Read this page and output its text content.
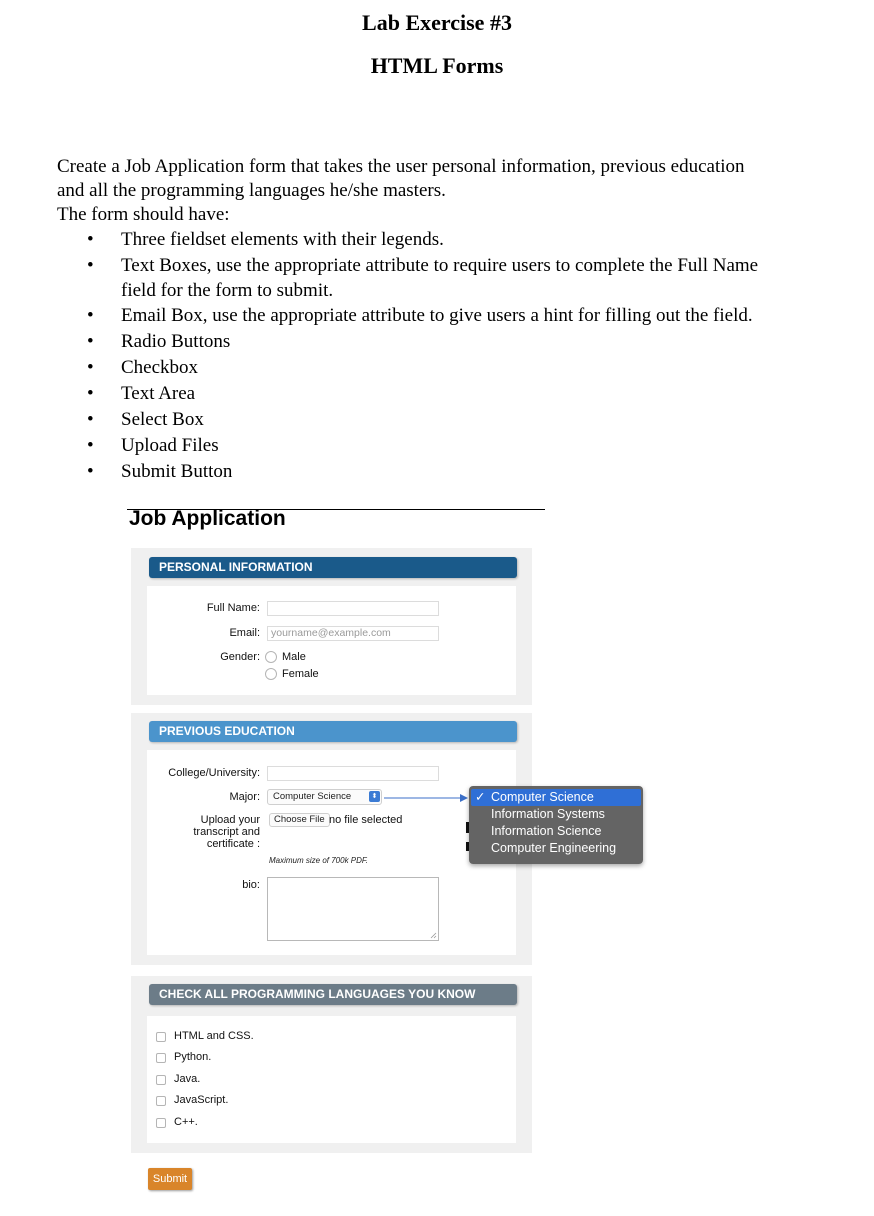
Lab Exercise #3
HTML Forms
Create a Job Application form that takes the user personal information, previous education
and all the programming languages he/she masters.
The form should have:
• Three fieldset elements with their legends.
• Text Boxes, use the appropriate attribute to require users to complete the Full Name
field for the form to submit.
• Email Box, use the appropriate attribute to give users a hint for filling out the field.
• Radio Buttons
• Checkbox
• Text Area
• Select Box
• Upload Files
• Submit Button
Job Application
PERSONAL INFORMATION
Full Name:
Email:	yourname@example.com
Gender: Male
Female
PREVIOUS EDUCATION
College/University:
Major:	Computer Science	⬍	✓ Computer Science
Information Systems
Information Science
Computer Engineering
Upload your
transcript and
certificate :
Choose File no file selected
Maximum size of 700k PDF.
bio:
CHECK ALL PROGRAMMING LANGUAGES YOU KNOW
HTML and CSS.
Python.
Java.
JavaScript.
C++.
Submit
